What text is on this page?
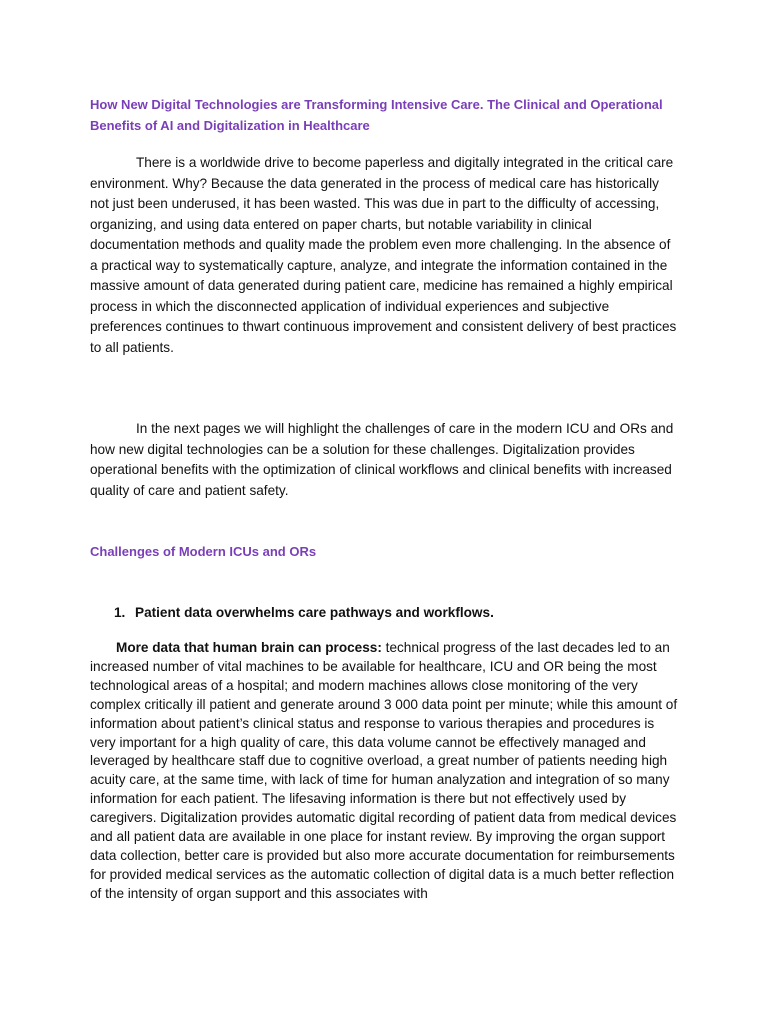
How New Digital Technologies are Transforming Intensive Care. The Clinical and Operational Benefits of AI and Digitalization in Healthcare

There is a worldwide drive to become paperless and digitally integrated in the critical care environment. Why? Because the data generated in the process of medical care has historically not just been underused, it has been wasted. This was due in part to the difficulty of accessing, organizing, and using data entered on paper charts, but notable variability in clinical documentation methods and quality made the problem even more challenging. In the absence of a practical way to systematically capture, analyze, and integrate the information contained in the massive amount of data generated during patient care, medicine has remained a highly empirical process in which the disconnected application of individual experiences and subjective preferences continues to thwart continuous improvement and consistent delivery of best practices to all patients.

In the next pages we will highlight the challenges of care in the modern ICU and ORs and how new digital technologies can be a solution for these challenges. Digitalization provides operational benefits with the optimization of clinical workflows and clinical benefits with increased quality of care and patient safety.

Challenges of Modern ICUs and ORs
1. Patient data overwhelms care pathways and workflows.

More data that human brain can process: technical progress of the last decades led to an increased number of vital machines to be available for healthcare, ICU and OR being the most technological areas of a hospital; and modern machines allows close monitoring of the very complex critically ill patient and generate around 3 000 data point per minute; while this amount of information about patient’s clinical status and response to various therapies and procedures is very important for a high quality of care, this data volume cannot be effectively managed and leveraged by healthcare staff due to cognitive overload, a great number of patients needing high acuity care, at the same time, with lack of time for human analyzation and integration of so many information for each patient. The lifesaving information is there but not effectively used by caregivers. Digitalization provides automatic digital recording of patient data from medical devices and all patient data are available in one place for instant review. By improving the organ support data collection, better care is provided but also more accurate documentation for reimbursements for provided medical services as the automatic collection of digital data is a much better reflection of the intensity of organ support and this associates with
